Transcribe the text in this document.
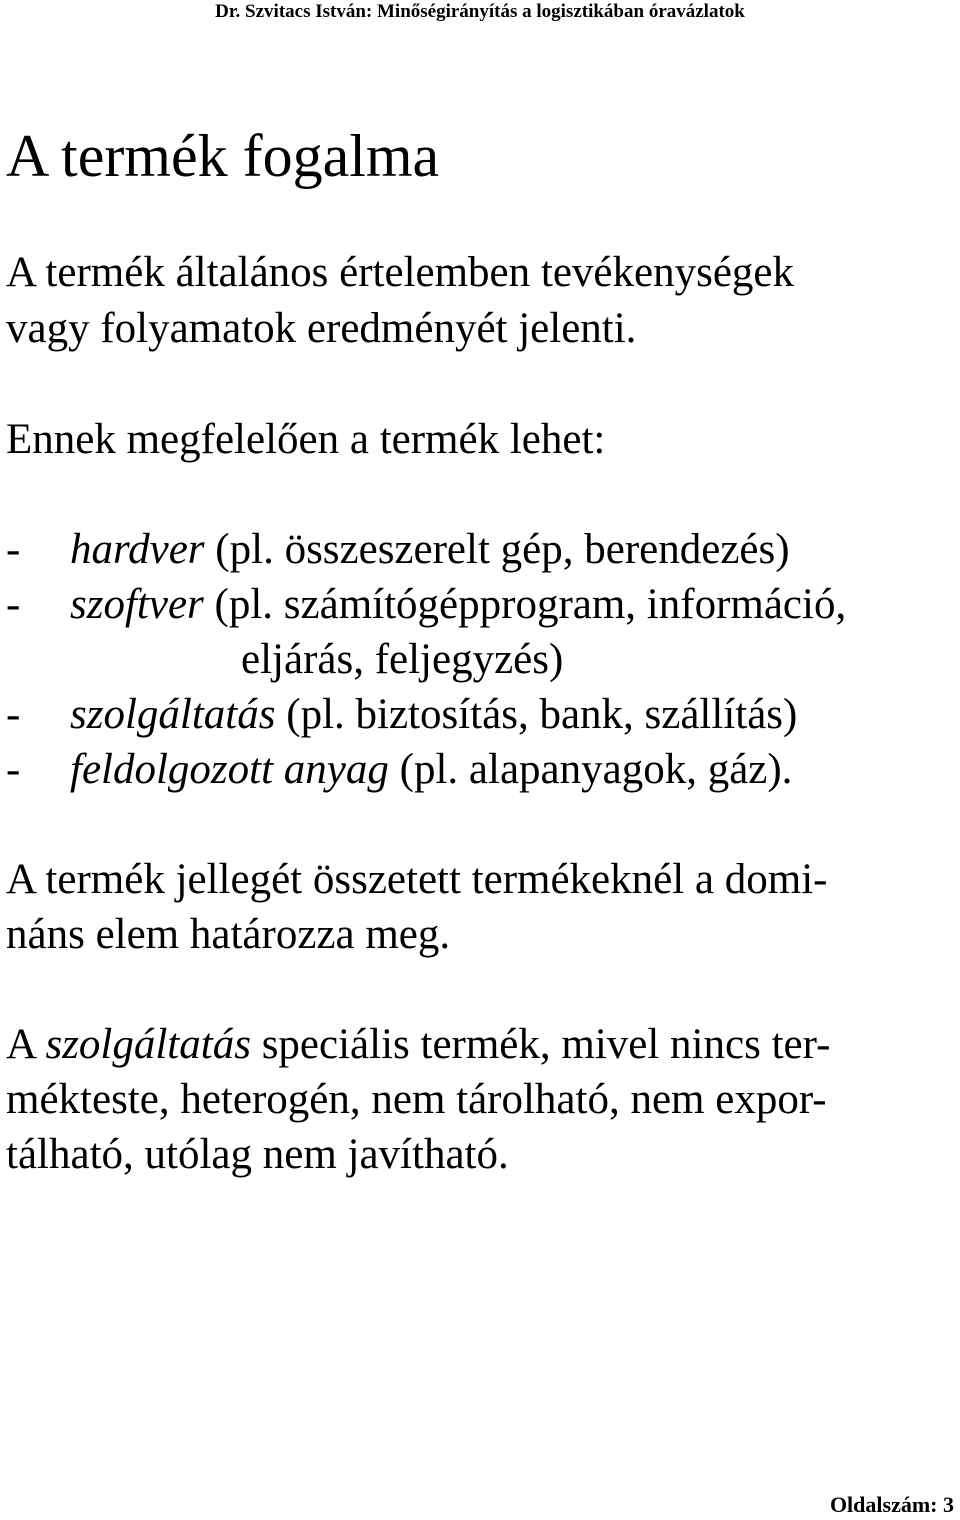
Dr. Szvitacs István: Minőségirányítás a logisztikában óravázlatok
A termék fogalma
A termék általános értelemben tevékenységek
vagy folyamatok eredményét jelenti.
Ennek megfelelően a termék lehet:
- hardver (pl. összeszerelt gép, berendezés)
- szoftver (pl. számítógépprogram, információ,
eljárás, feljegyzés)
- szolgáltatás (pl. biztosítás, bank, szállítás)
- feldolgozott anyag (pl. alapanyagok, gáz).
A termék jellegét összetett termékeknél a domi-
náns elem határozza meg.
A szolgáltatás speciális termék, mivel nincs ter-
mékteste, heterogén, nem tárolható, nem expor-
tálható, utólag nem javítható.
Oldalszám: 3
